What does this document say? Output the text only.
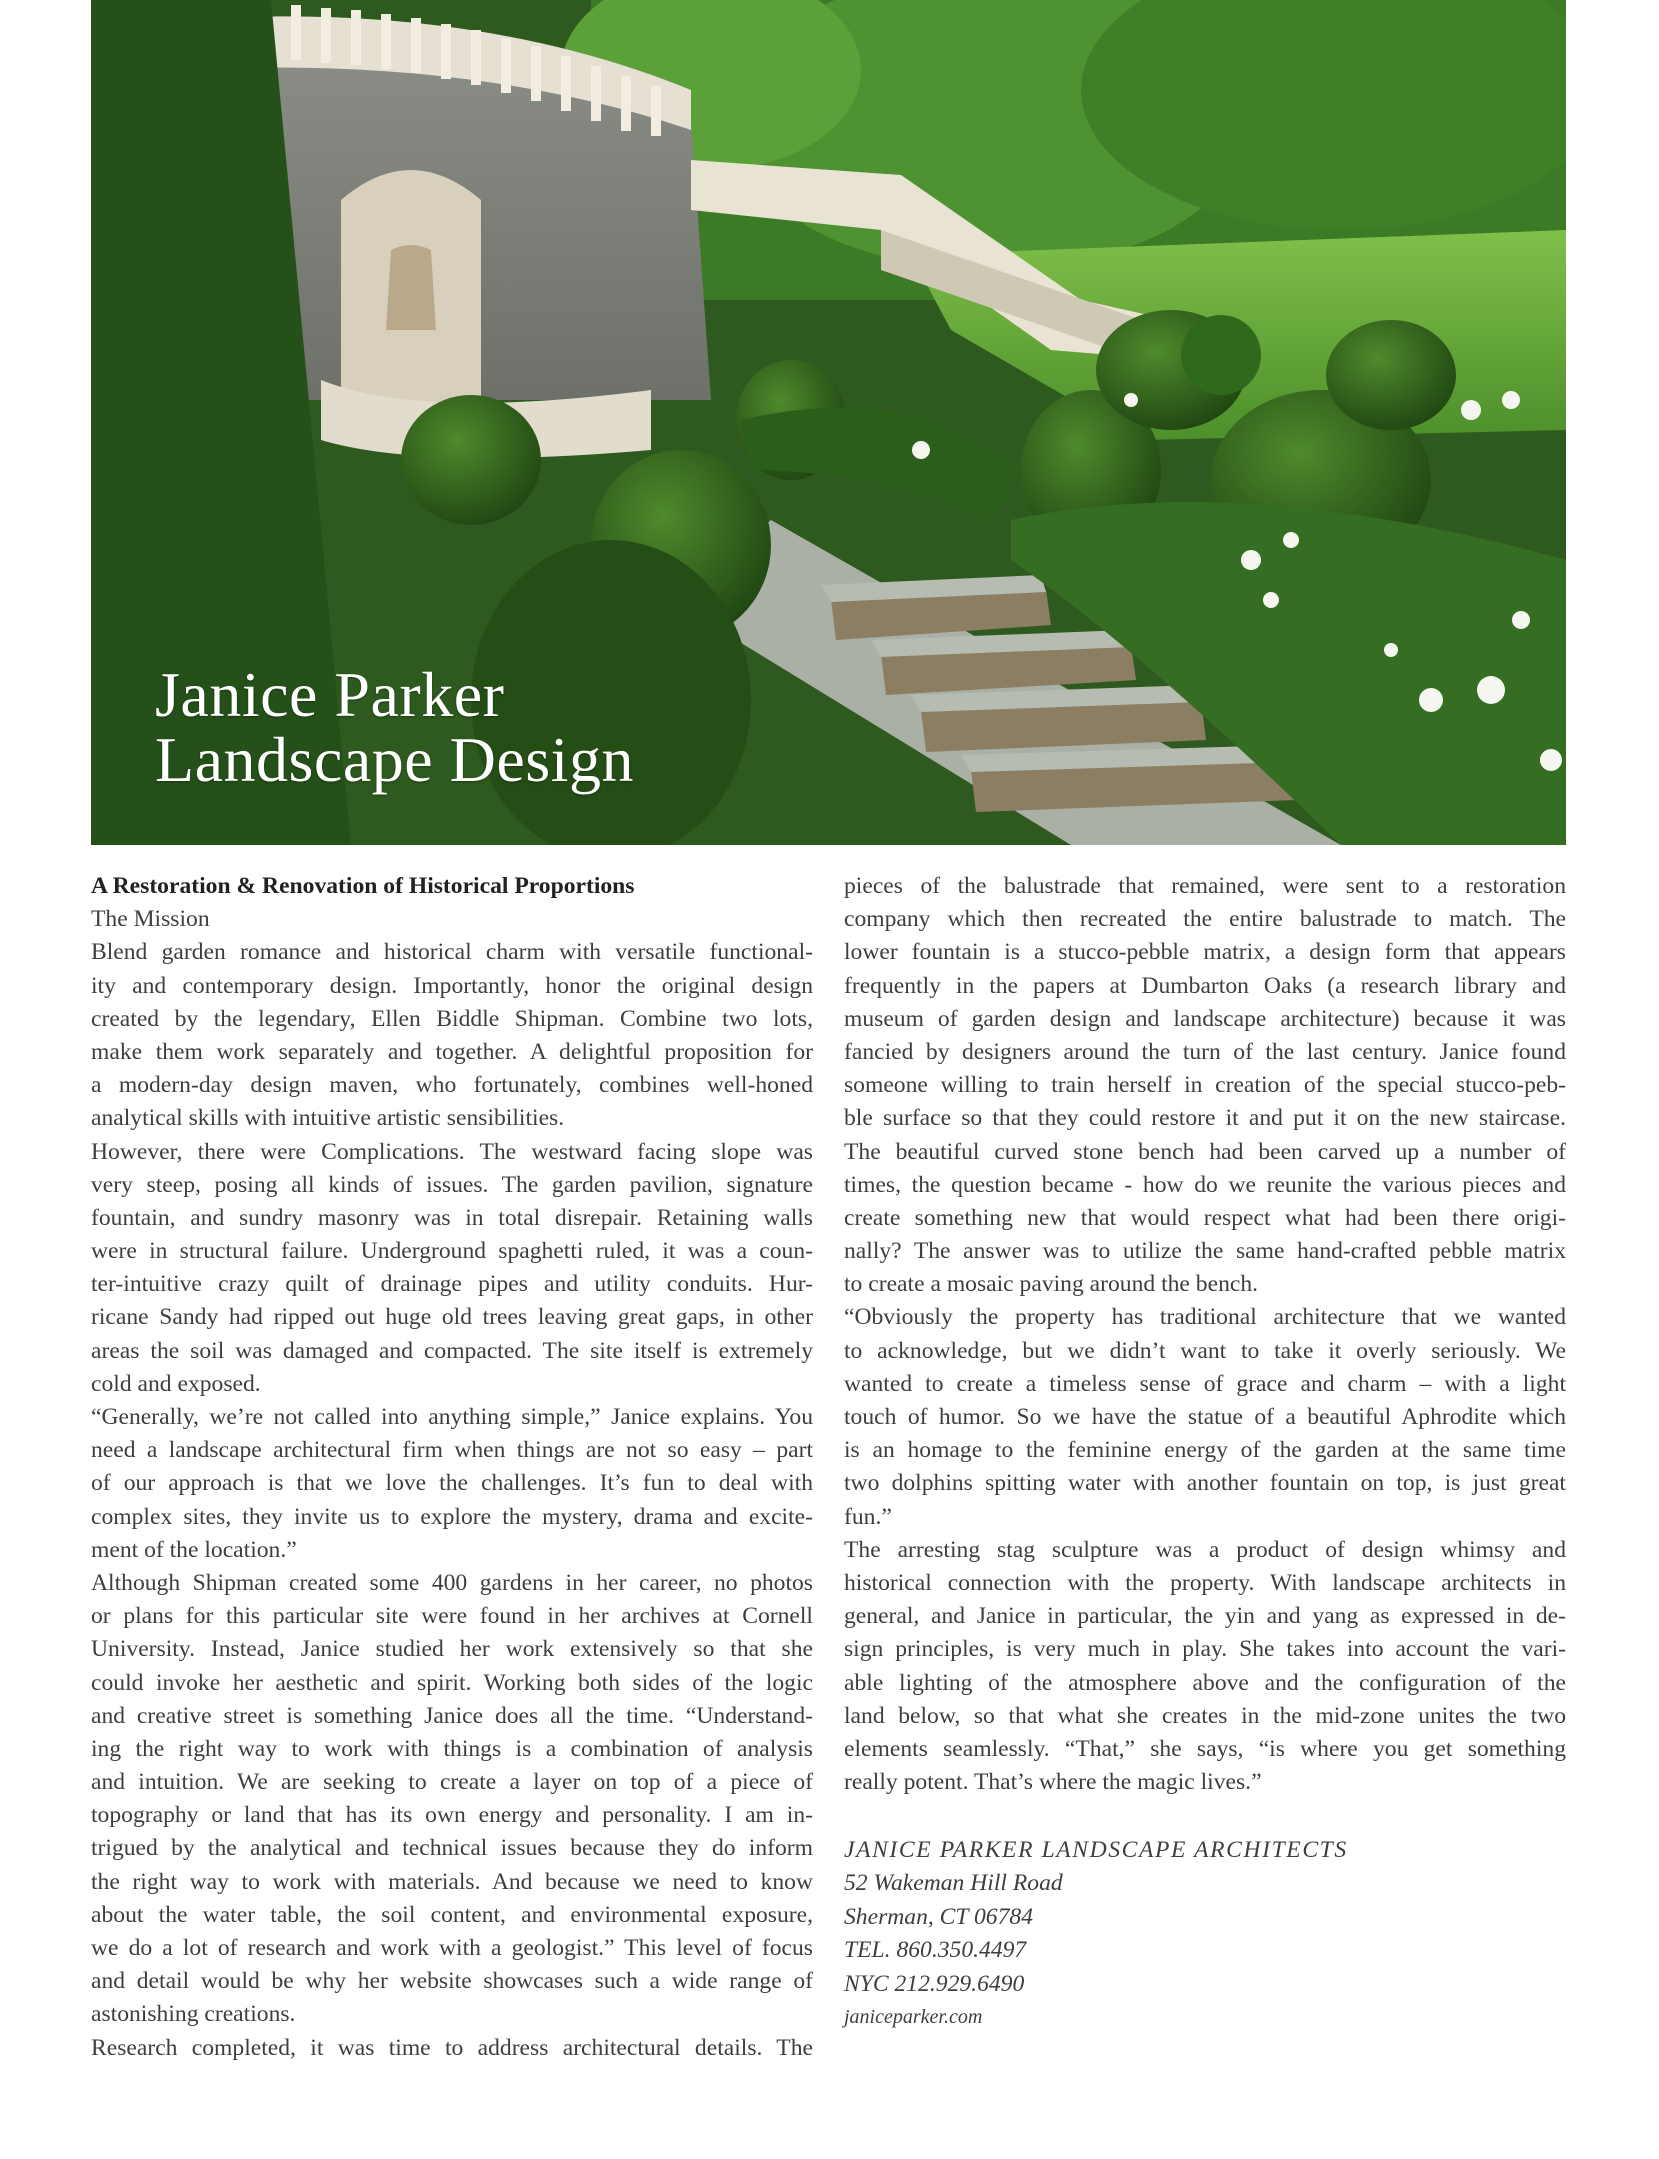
Janice Parker
Landscape Design
A Restoration & Renovation of Historical Proportions
The Mission
Blend garden romance and historical charm with versatile functional-
ity and contemporary design. Importantly, honor the original design
created by the legendary, Ellen Biddle Shipman. Combine two lots,
make them work separately and together. A delightful proposition for
a modern-day design maven, who fortunately, combines well-honed
analytical skills with intuitive artistic sensibilities.
However, there were Complications. The westward facing slope was
very steep, posing all kinds of issues. The garden pavilion, signature
fountain, and sundry masonry was in total disrepair. Retaining walls
were in structural failure. Underground spaghetti ruled, it was a coun-
ter-intuitive crazy quilt of drainage pipes and utility conduits. Hur-
ricane Sandy had ripped out huge old trees leaving great gaps, in other
areas the soil was damaged and compacted. The site itself is extremely
cold and exposed.
“Generally, we’re not called into anything simple,” Janice explains. You
need a landscape architectural firm when things are not so easy – part
of our approach is that we love the challenges. It’s fun to deal with
complex sites, they invite us to explore the mystery, drama and excite-
ment of the location.”
Although Shipman created some 400 gardens in her career, no photos
or plans for this particular site were found in her archives at Cornell
University. Instead, Janice studied her work extensively so that she
could invoke her aesthetic and spirit. Working both sides of the logic
and creative street is something Janice does all the time. “Understand-
ing the right way to work with things is a combination of analysis
and intuition. We are seeking to create a layer on top of a piece of
topography or land that has its own energy and personality. I am in-
trigued by the analytical and technical issues because they do inform
the right way to work with materials. And because we need to know
about the water table, the soil content, and environmental exposure,
we do a lot of research and work with a geologist.” This level of focus
and detail would be why her website showcases such a wide range of
astonishing creations.
Research completed, it was time to address architectural details. The
pieces of the balustrade that remained, were sent to a restoration
company which then recreated the entire balustrade to match. The
lower fountain is a stucco-pebble matrix, a design form that appears
frequently in the papers at Dumbarton Oaks (a research library and
museum of garden design and landscape architecture) because it was
fancied by designers around the turn of the last century. Janice found
someone willing to train herself in creation of the special stucco-peb-
ble surface so that they could restore it and put it on the new staircase.
The beautiful curved stone bench had been carved up a number of
times, the question became - how do we reunite the various pieces and
create something new that would respect what had been there origi-
nally? The answer was to utilize the same hand-crafted pebble matrix
to create a mosaic paving around the bench.
“Obviously the property has traditional architecture that we wanted
to acknowledge, but we didn’t want to take it overly seriously. We
wanted to create a timeless sense of grace and charm – with a light
touch of humor. So we have the statue of a beautiful Aphrodite which
is an homage to the feminine energy of the garden at the same time
two dolphins spitting water with another fountain on top, is just great
fun.”
The arresting stag sculpture was a product of design whimsy and
historical connection with the property. With landscape architects in
general, and Janice in particular, the yin and yang as expressed in de-
sign principles, is very much in play. She takes into account the vari-
able lighting of the atmosphere above and the configuration of the
land below, so that what she creates in the mid-zone unites the two
elements seamlessly. “That,” she says, “is where you get something
really potent. That’s where the magic lives.”
JANICE PARKER LANDSCAPE ARCHITECTS
52 Wakeman Hill Road
Sherman, CT 06784
TEL. 860.350.4497
NYC 212.929.6490
janiceparker.com
